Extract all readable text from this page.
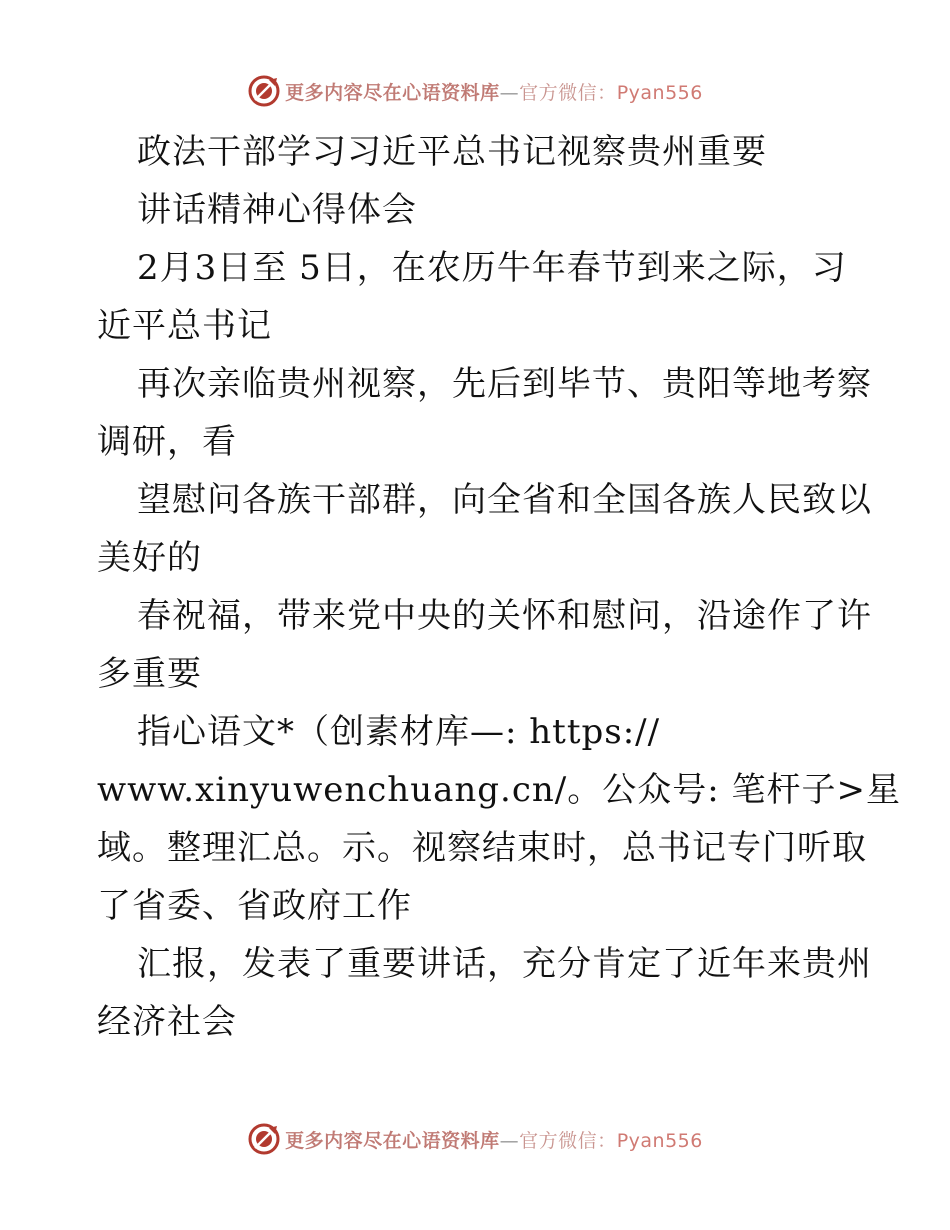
更多内容尽在心语资料库—官方微信：Pyan556
政法干部学习习近平总书记视察贵州重要
讲话精神心得体会
2月3日至 5日，在农历牛年春节到来之际，习
近平总书记
再次亲临贵州视察，先后到毕节、贵阳等地考察
调研，看
望慰问各族干部群，向全省和全国各族人民致以
美好的
春祝福，带来党中央的关怀和慰问，沿途作了许
多重要
指心语文*（创素材库—: https://
www.xinyuwenchuang.cn/。公众号: 笔杆子>星
域。整理汇总。示。视察结束时，总书记专门听取
了省委、省政府工作
汇报，发表了重要讲话，充分肯定了近年来贵州
经济社会
更多内容尽在心语资料库—官方微信：Pyan556
